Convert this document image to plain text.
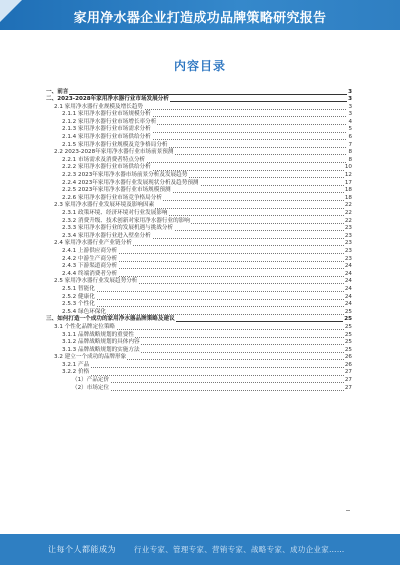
家用净水器企业打造成功品牌策略研究报告
内容目录
一、前言	3
二、2023-2028年家用净水器行业市场发展分析	3
2.1 家用净水器行业规模及增长趋势	3
2.1.1 家用净水器行业市场规模分析	3
2.1.2 家用净水器行业市场增长率分析	4
2.1.3 家用净水器行业市场需求分析	5
2.1.4 家用净水器行业市场供给分析	6
2.1.5 家用净水器行业规模及竞争格局分析	7
2.2 2023-2028年家用净水器行业市场前景预测	8
2.2.1 市场需求及消费者特点分析	8
2.2.2 家用净水器行业市场供给分析	10
2.2.3 2023年家用净水器市场前景分析及发展趋势	12
2.2.4 2023年家用净水器行业发展现状分析及趋势预测	17
2.2.5 2023年家用净水器行业市场规模预测	18
2.2.6 家用净水器行业市场竞争格局分析	18
2.3 家用净水器行业发展环境及影响因素	22
2.3.1 政策环境、经济环境对行业发展影响	22
2.3.2 消费升级、技术创新对家用净水器行业的影响	22
2.3.3 家用净水器行业的发展机遇与挑战分析	23
2.3.4 家用净水器行业进入壁垒分析	23
2.4 家用净水器行业产业链分析	23
2.4.1 上游供应商分析	23
2.4.2 中游生产商分析	23
2.4.3 下游渠道商分析	24
2.4.4 终端消费者分析	24
2.5 家用净水器行业发展趋势分析	24
2.5.1 智能化	24
2.5.2 健康化	24
2.5.3 个性化	24
2.5.4 绿色环保化	25
三、如何打造一个成功的家用净水器品牌策略及建议	25
3.1 个性化品牌定位策略	25
3.1.1 品牌战略规划的重要性	25
3.1.2 品牌战略规划的具体内容	25
3.1.3 品牌战略规划的实施方法	25
3.2 建立一个成功的品牌形象	26
3.2.1 产品	26
3.2.2 价格	27
（1）产品定价	27
（2）市场定位	27
让每个人都能成为 行业专家、管理专家、营销专家、战略专家、成功企业家……
